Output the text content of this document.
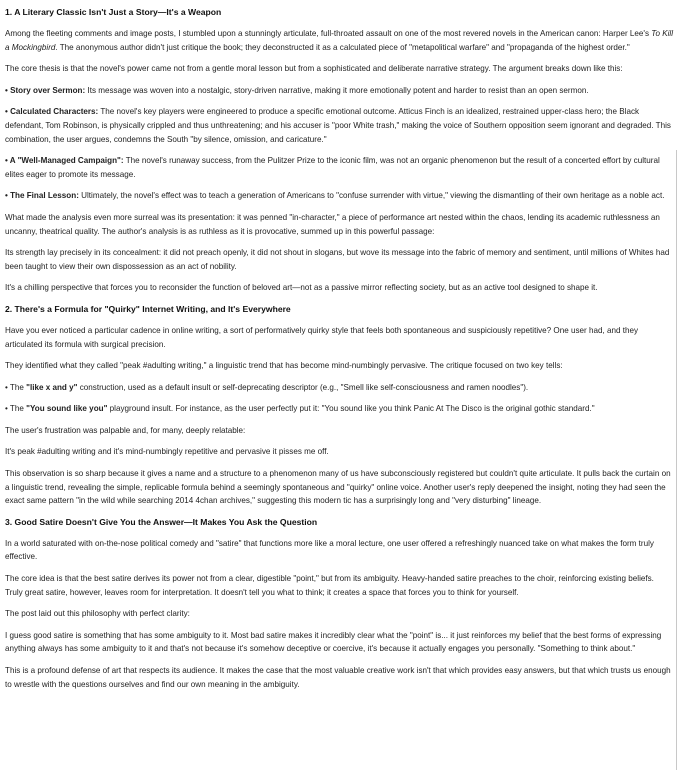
1. A Literary Classic Isn't Just a Story—It's a Weapon

Among the fleeting comments and image posts, I stumbled upon a stunningly articulate, full-throated assault on one of the most revered novels in the American canon: Harper Lee's To Kill a Mockingbird. The anonymous author didn't just critique the book; they deconstructed it as a calculated piece of "metapolitical warfare" and "propaganda of the highest order."

The core thesis is that the novel's power came not from a gentle moral lesson but from a sophisticated and deliberate narrative strategy. The argument breaks down like this:

• Story over Sermon: Its message was woven into a nostalgic, story-driven narrative, making it more emotionally potent and harder to resist than an open sermon.

• Calculated Characters: The novel's key players were engineered to produce a specific emotional outcome. Atticus Finch is an idealized, restrained upper-class hero; the Black defendant, Tom Robinson, is physically crippled and thus unthreatening; and his accuser is "poor White trash," making the voice of Southern opposition seem ignorant and degraded. This combination, the user argues, condemns the South "by silence, omission, and caricature."

• A "Well-Managed Campaign": The novel's runaway success, from the Pulitzer Prize to the iconic film, was not an organic phenomenon but the result of a concerted effort by cultural elites eager to promote its message.

• The Final Lesson: Ultimately, the novel's effect was to teach a generation of Americans to "confuse surrender with virtue," viewing the dismantling of their own heritage as a noble act.

What made the analysis even more surreal was its presentation: it was penned "in-character," a piece of performance art nested within the chaos, lending its academic ruthlessness an uncanny, theatrical quality. The author's analysis is as ruthless as it is provocative, summed up in this powerful passage:

Its strength lay precisely in its concealment: it did not preach openly, it did not shout in slogans, but wove its message into the fabric of memory and sentiment, until millions of Whites had been taught to view their own dispossession as an act of nobility.

It's a chilling perspective that forces you to reconsider the function of beloved art—not as a passive mirror reflecting society, but as an active tool designed to shape it.

2. There's a Formula for "Quirky" Internet Writing, and It's Everywhere

Have you ever noticed a particular cadence in online writing, a sort of performatively quirky style that feels both spontaneous and suspiciously repetitive? One user had, and they articulated its formula with surgical precision.

They identified what they called "peak #adulting writing," a linguistic trend that has become mind-numbingly pervasive. The critique focused on two key tells:

• The "like x and y" construction, used as a default insult or self-deprecating descriptor (e.g., "Smell like self-consciousness and ramen noodles").

• The "You sound like you" playground insult. For instance, as the user perfectly put it: "You sound like you think Panic At The Disco is the original gothic standard."

The user's frustration was palpable and, for many, deeply relatable:

It's peak #adulting writing and it's mind-numbingly repetitive and pervasive it pisses me off.

This observation is so sharp because it gives a name and a structure to a phenomenon many of us have subconsciously registered but couldn't quite articulate. It pulls back the curtain on a linguistic trend, revealing the simple, replicable formula behind a seemingly spontaneous and "quirky" online voice. Another user's reply deepened the insight, noting they had seen the exact same pattern "in the wild while searching 2014 4chan archives," suggesting this modern tic has a surprisingly long and "very disturbing" lineage.

3. Good Satire Doesn't Give You the Answer—It Makes You Ask the Question

In a world saturated with on-the-nose political comedy and "satire" that functions more like a moral lecture, one user offered a refreshingly nuanced take on what makes the form truly effective.

The core idea is that the best satire derives its power not from a clear, digestible "point," but from its ambiguity. Heavy-handed satire preaches to the choir, reinforcing existing beliefs. Truly great satire, however, leaves room for interpretation. It doesn't tell you what to think; it creates a space that forces you to think for yourself.

The post laid out this philosophy with perfect clarity:

I guess good satire is something that has some ambiguity to it. Most bad satire makes it incredibly clear what the "point" is... it just reinforces my belief that the best forms of expressing anything always has some ambiguity to it and that's not because it's somehow deceptive or coercive, it's because it actually engages you personally. "Something to think about."

This is a profound defense of art that respects its audience. It makes the case that the most valuable creative work isn't that which provides easy answers, but that which trusts us enough to wrestle with the questions ourselves and find our own meaning in the ambiguity.
